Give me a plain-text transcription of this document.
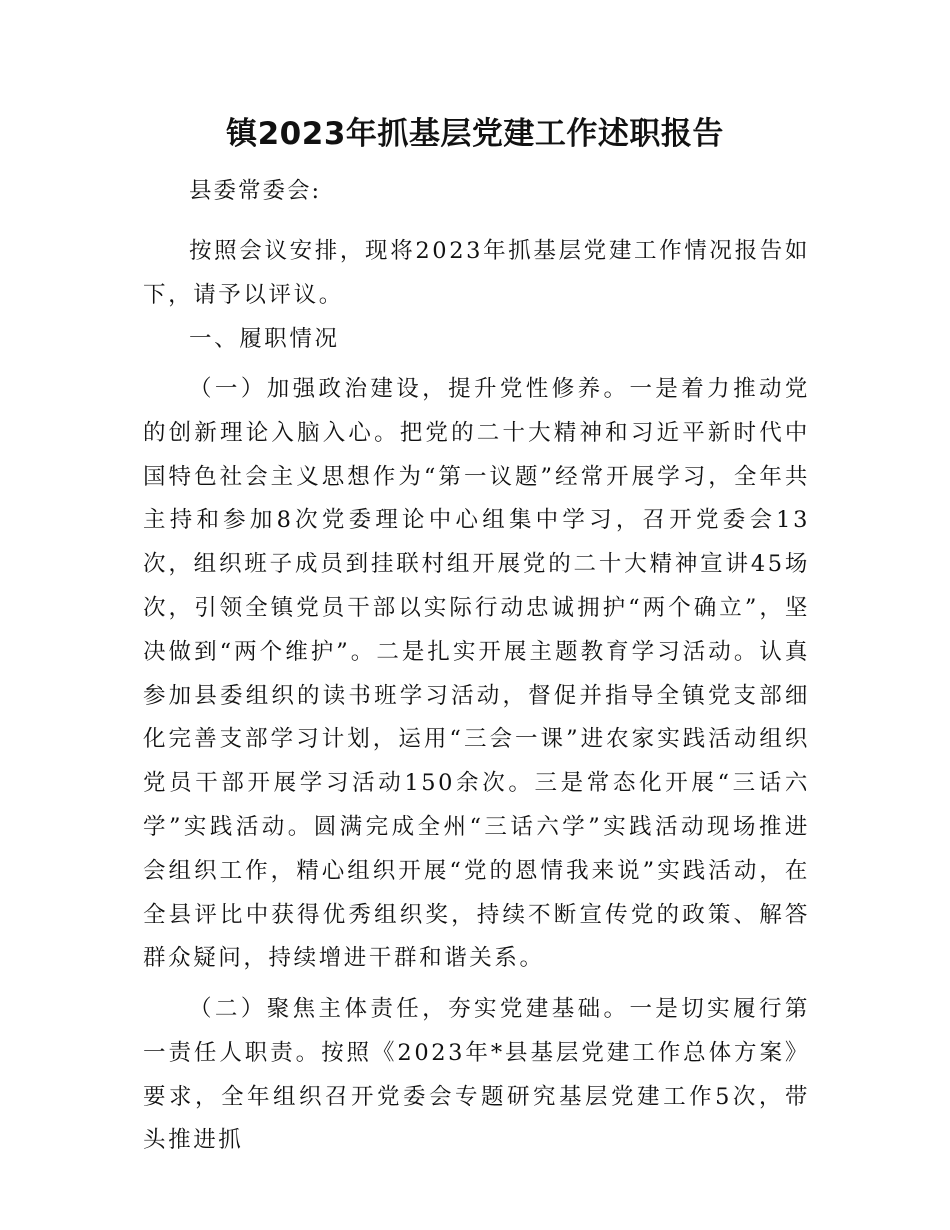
镇2023年抓基层党建工作述职报告

县委常委会:

按照会议安排，现将2023年抓基层党建工作情况报告如下，请予以评议。

一、履职情况

（一）加强政治建设，提升党性修养。一是着力推动党的创新理论入脑入心。把党的二十大精神和习近平新时代中国特色社会主义思想作为“第一议题”经常开展学习，全年共主持和参加8次党委理论中心组集中学习，召开党委会13次，组织班子成员到挂联村组开展党的二十大精神宣讲45场次，引领全镇党员干部以实际行动忠诚拥护“两个确立”，坚决做到“两个维护”。二是扎实开展主题教育学习活动。认真参加县委组织的读书班学习活动，督促并指导全镇党支部细化完善支部学习计划，运用“三会一课”进农家实践活动组织党员干部开展学习活动150余次。三是常态化开展“三话六学”实践活动。圆满完成全州“三话六学”实践活动现场推进会组织工作，精心组织开展“党的恩情我来说”实践活动，在全县评比中获得优秀组织奖，持续不断宣传党的政策、解答群众疑问，持续增进干群和谐关系。

（二）聚焦主体责任，夯实党建基础。一是切实履行第一责任人职责。按照《2023年*县基层党建工作总体方案》要求，全年组织召开党委会专题研究基层党建工作5次，带头推进抓
